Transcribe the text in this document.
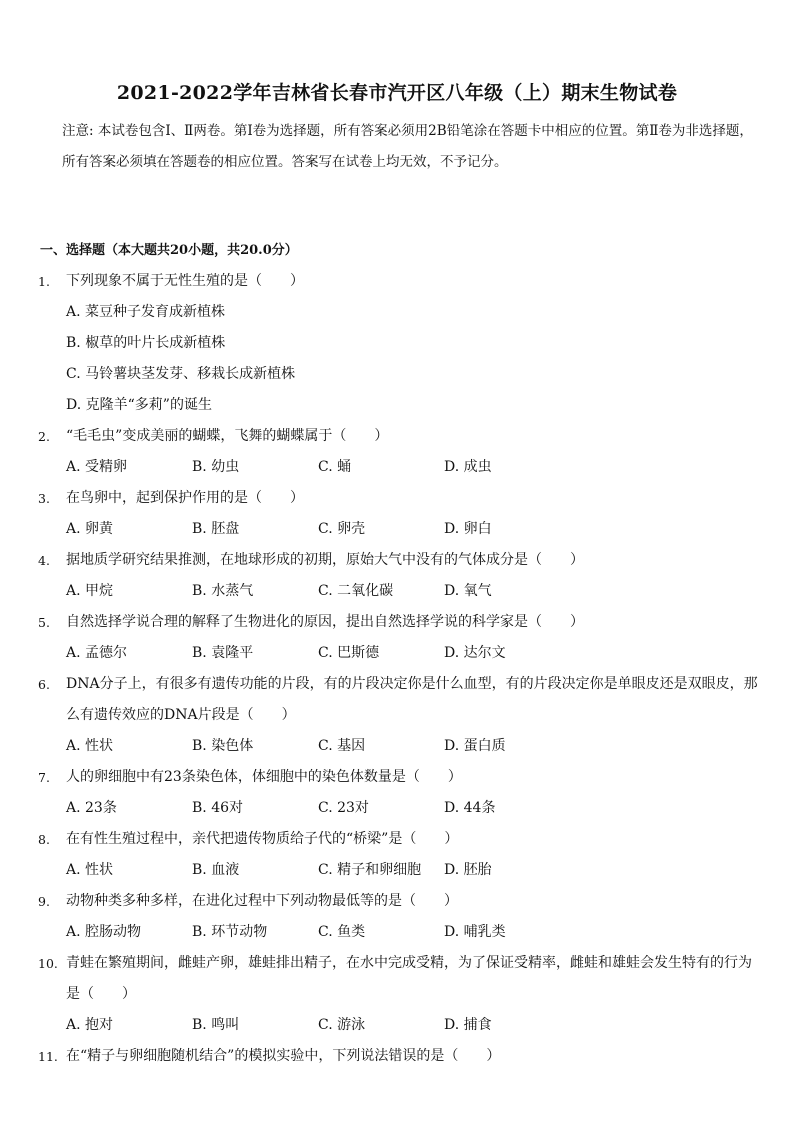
2021-2022学年吉林省长春市汽开区八年级（上）期末生物试卷
注意: 本试卷包含Ⅰ、Ⅱ两卷。第Ⅰ卷为选择题，所有答案必须用2B铅笔涂在答题卡中相应的位置。第Ⅱ卷为非选择题，所有答案必须填在答题卷的相应位置。答案写在试卷上均无效，不予记分。
一、选择题（本大题共20小题，共20.0分）
1.	下列现象不属于无性生殖的是（　　）
A. 菜豆种子发育成新植株
B. 椒草的叶片长成新植株
C. 马铃薯块茎发芽、移栽长成新植株
D. 克隆羊“多莉”的诞生
2.	“毛毛虫”变成美丽的蝴蝶，飞舞的蝴蝶属于（　　）
A. 受精卵	B. 幼虫	C. 蛹	D. 成虫
3.	在鸟卵中，起到保护作用的是（　　）
A. 卵黄	B. 胚盘	C. 卵壳	D. 卵白
4.	据地质学研究结果推测，在地球形成的初期，原始大气中没有的气体成分是（　　）
A. 甲烷	B. 水蒸气	C. 二氧化碳	D. 氧气
5.	自然选择学说合理的解释了生物进化的原因，提出自然选择学说的科学家是（　　）
A. 孟德尔	B. 袁隆平	C. 巴斯德	D. 达尔文
6.	DNA分子上，有很多有遗传功能的片段，有的片段决定你是什么血型，有的片段决定你是单眼皮还是双眼皮，那么有遗传效应的DNA片段是（　　）
A. 性状	B. 染色体	C. 基因	D. 蛋白质
7.	人的卵细胞中有23条染色体，体细胞中的染色体数量是（　　）
A. 23条	B. 46对	C. 23对	D. 44条
8.	在有性生殖过程中，亲代把遗传物质给子代的“桥梁”是（　　）
A. 性状	B. 血液	C. 精子和卵细胞 D. 胚胎
9.	动物种类多种多样，在进化过程中下列动物最低等的是（　　）
A. 腔肠动物	B. 环节动物	C. 鱼类	D. 哺乳类
10. 青蛙在繁殖期间，雌蛙产卵，雄蛙排出精子，在水中完成受精，为了保证受精率，雌蛙和雄蛙会发生特有的行为是（　　）
A. 抱对	B. 鸣叫	C. 游泳	D. 捕食
11. 在“精子与卵细胞随机结合”的模拟实验中，下列说法错误的是（　　）
